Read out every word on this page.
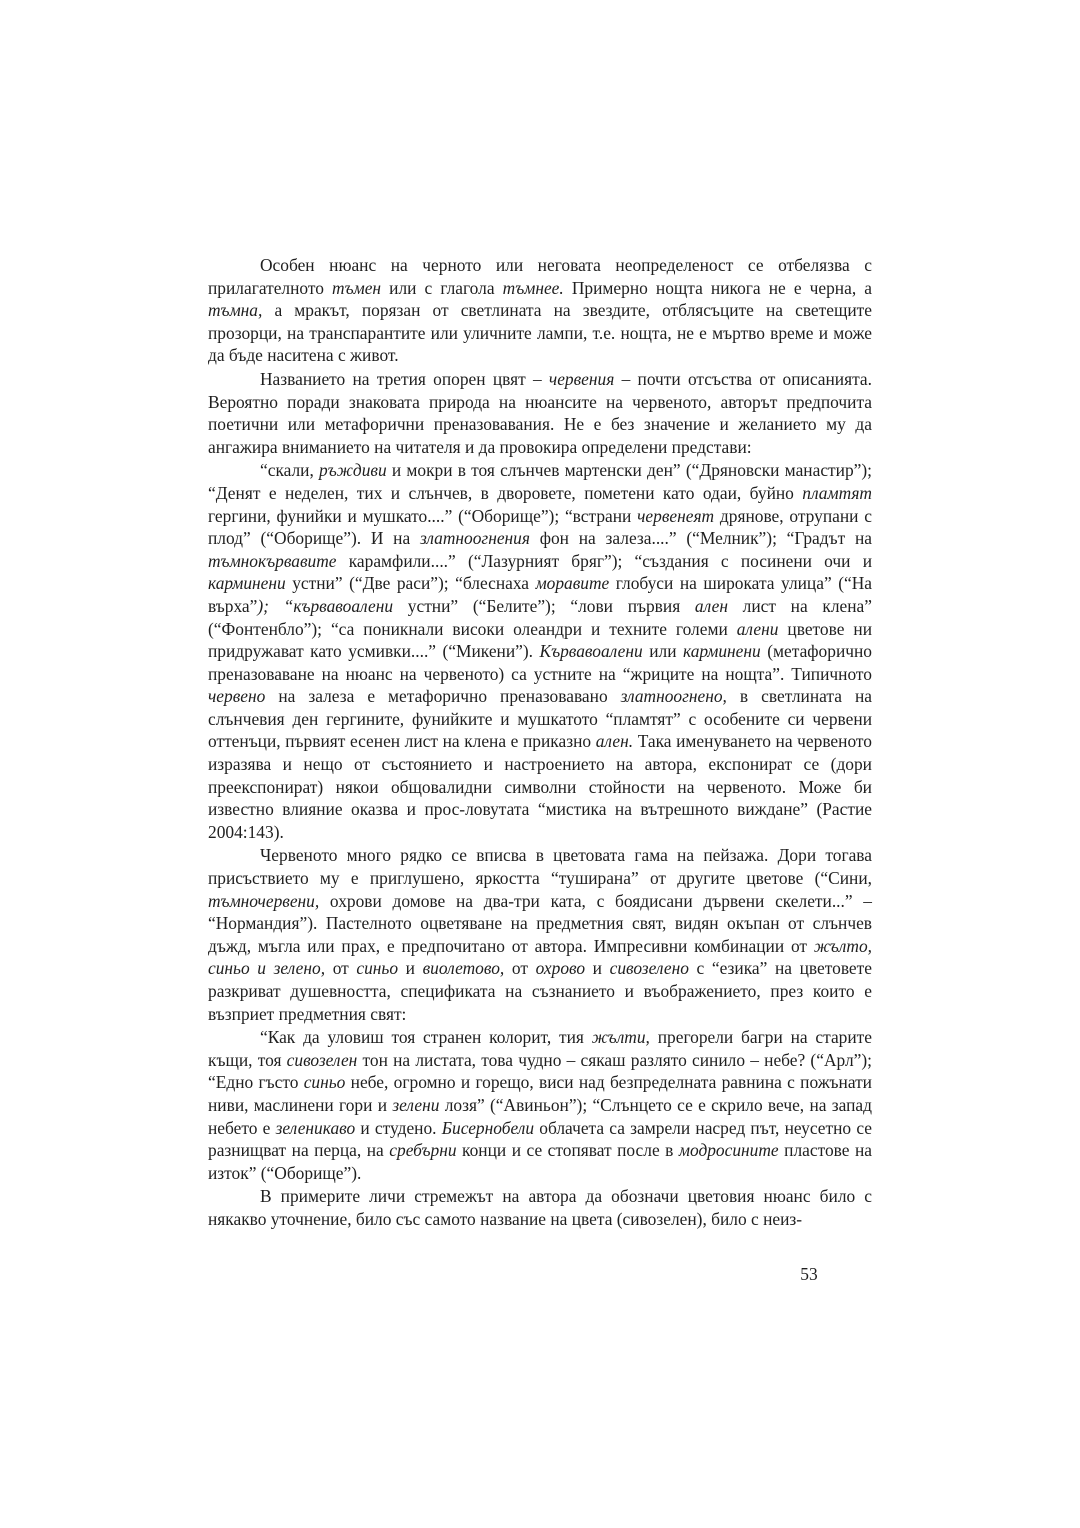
Особен нюанс на черното или неговата неопределеност се отбелязва с прилагателното тъмен или с глагола тъмнее. Примерно нощта никога не е черна, а тъмна, а мракът, порязан от светлината на звездите, отблясъците на светещите прозорци, на транспарантите или уличните лампи, т.е. нощта, не е мъртво време и може да бъде наситена с живот.

Названието на третия опорен цвят – червения – почти отсъства от описанията. Вероятно поради знаковата природа на нюансите на червеното, авторът предпочита поетични или метафорични преназовавания. Не е без значение и желанието му да ангажира вниманието на читателя и да провокира определени представи:

“скали, ръждиви и мокри в тоя слънчев мартенски ден” (“Дряновски манастир”); “Денят е неделен, тих и слънчев, в дворовете, пометени като одаи, буйно пламтят гергини, фунийки и мушкато....” (“Оборище”); “встрани червенеят дрянове, отрупани с плод” (“Оборище”). И на златноогнения фон на залеза....” (“Мелник”); “Градът на тъмнокървавите карамфили....” (“Лазурният бряг”); “създания с посинени очи и карминени устни” (“Две раси”); “блеснаха моравите глобуси на широката улица” (“На върха”); “кървавоалени устни” (“Белите”); “лови първия ален лист на клена” (“Фонтенбло”); “са поникнали високи олеандри и техните големи алени цветове ни придружават като усмивки....” (“Микени”). Кървавоалени или карминени (метафорично преназоваване на нюанс на червеното) са устните на “жриците на нощта”. Типичното червено на залеза е метафорично преназовавано златноогнено, в светлината на слънчевия ден гергините, фунийките и мушкатото “пламтят” с особените си червени оттенъци, първият есенен лист на клена е приказно ален. Така именуването на червеното изразява и нещо от състоянието и настроението на автора, експонират се (дори преекспонират) някои общовалидни символни стойности на червеното. Може би известно влияние оказва и прос-ловутата “мистика на вътрешното виждане” (Растие 2004:143).

Червеното много рядко се вписва в цветовата гама на пейзажа. Дори тогава присъствието му е приглушено, яркостта “туширана” от другите цветове (“Сини, тъмночервени, охрови домове на два-три ката, с боядисани дървени скелети...” – “Нормандия”). Пастелното оцветяване на предметния свят, видян окъпан от слънчев дъжд, мъгла или прах, е предпочитано от автора. Импресивни комбинации от жълто, синьо и зелено, от синьо и виолетово, от охрово и сивозелено с “езика” на цветовете разкриват душевността, спецификата на съзнанието и въображението, през които е възприет предметния свят:

“Как да уловиш тоя странен колорит, тия жълти, прегорели багри на старите къщи, тоя сивозелен тон на листата, това чудно – сякаш разлято синило – небе? (“Арл”); “Едно гъсто синьо небе, огромно и горещо, виси над безпределната равнина с пожънати ниви, маслинени гори и зелени лозя” (“Авиньон”); “Слънцето се е скрило вече, на запад небето е зеленикаво и студено. Бисернобели облачета са замрели насред път, неусетно се разнищват на перца, на сребърни конци и се стопяват после в модросините пластове на изток” (“Оборище”).

В примерите личи стремежът на автора да обозначи цветовия нюанс било с някакво уточнение, било със самото название на цвета (сивозелен), било с неиз-

53
